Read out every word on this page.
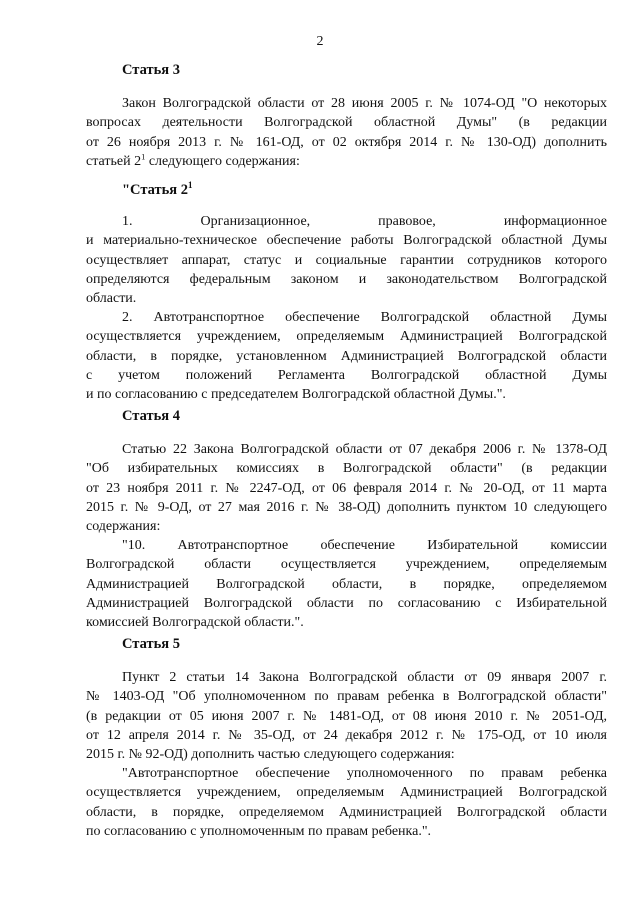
2
Статья 3
Закон Волгоградской области от 28 июня 2005 г. № 1074-ОД "О некоторых
вопросах деятельности Волгоградской областной Думы" (в редакции
от 26 ноября 2013 г. № 161-ОД, от 02 октября 2014 г. № 130-ОД) дополнить
статьей $2^1$ следующего содержания:
"Статья $2^1$
1. Организационное, правовое, информационное
и материально-техническое обеспечение работы Волгоградской областной Думы
осуществляет аппарат, статус и социальные гарантии сотрудников которого
определяются федеральным законом и законодательством Волгоградской
области.
2. Автотранспортное обеспечение Волгоградской областной Думы
осуществляется учреждением, определяемым Администрацией Волгоградской
области, в порядке, установленном Администрацией Волгоградской области
с учетом положений Регламента Волгоградской областной Думы
и по согласованию с председателем Волгоградской областной Думы.".
Статья 4
Статью 22 Закона Волгоградской области от 07 декабря 2006 г. № 1378-ОД
"Об избирательных комиссиях в Волгоградской области" (в редакции
от 23 ноября 2011 г. № 2247-ОД, от 06 февраля 2014 г. № 20-ОД, от 11 марта
2015 г. № 9-ОД, от 27 мая 2016 г. № 38-ОД) дополнить пунктом 10 следующего
содержания:
"10. Автотранспортное обеспечение Избирательной комиссии
Волгоградской области осуществляется учреждением, определяемым
Администрацией Волгоградской области, в порядке, определяемом
Администрацией Волгоградской области по согласованию с Избирательной
комиссией Волгоградской области.".
Статья 5
Пункт 2 статьи 14 Закона Волгоградской области от 09 января 2007 г.
№ 1403-ОД "Об уполномоченном по правам ребенка в Волгоградской области"
(в редакции от 05 июня 2007 г. № 1481-ОД, от 08 июня 2010 г. № 2051-ОД,
от 12 апреля 2014 г. № 35-ОД, от 24 декабря 2012 г. № 175-ОД, от 10 июля
2015 г. № 92-ОД) дополнить частью следующего содержания:
"Автотранспортное обеспечение уполномоченного по правам ребенка
осуществляется учреждением, определяемым Администрацией Волгоградской
области, в порядке, определяемом Администрацией Волгоградской области
по согласованию с уполномоченным по правам ребенка.".
